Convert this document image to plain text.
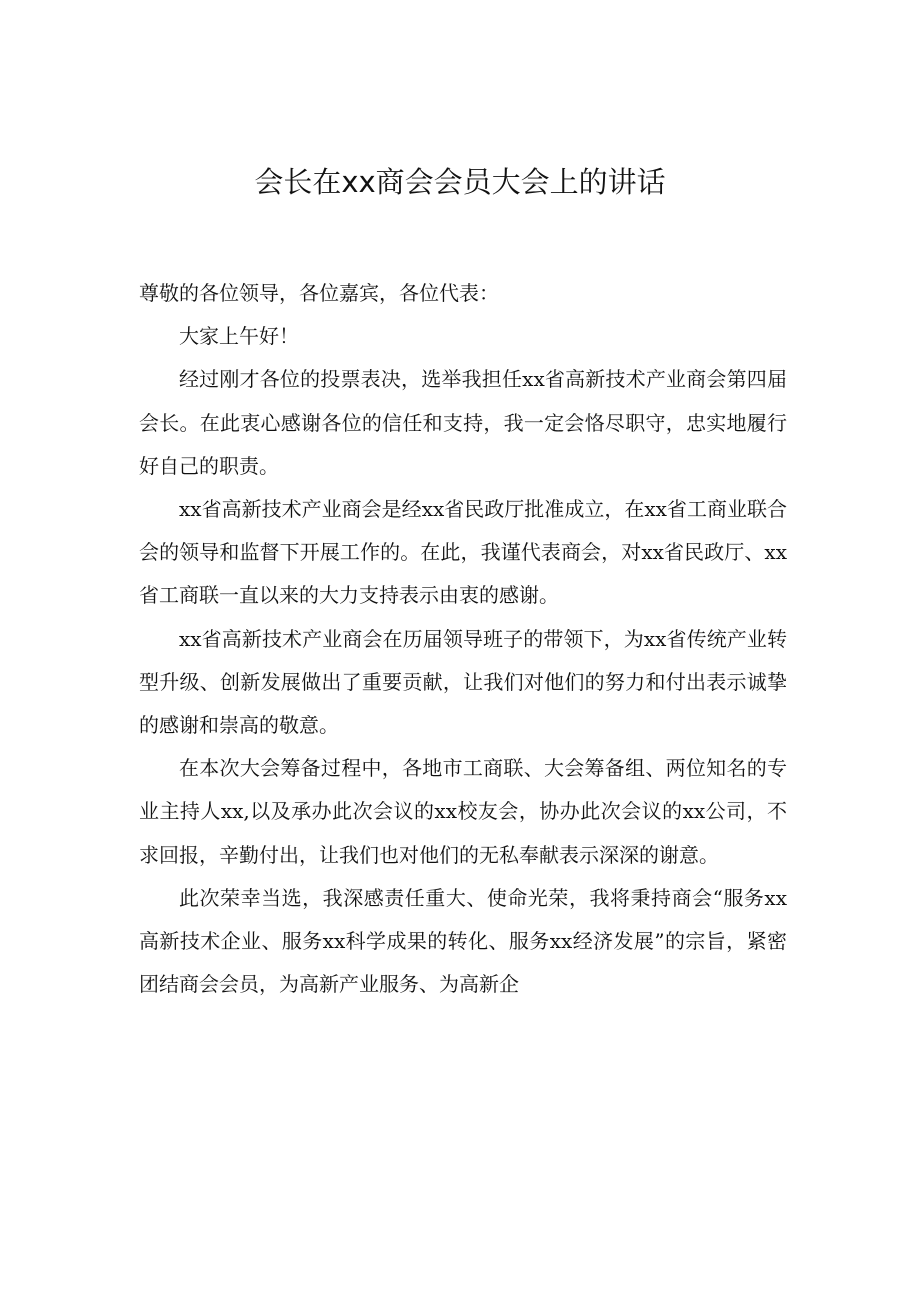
会长在xx商会会员大会上的讲话

尊敬的各位领导，各位嘉宾，各位代表：

大家上午好！

经过刚才各位的投票表决，选举我担任xx省高新技术产业商会第四届会长。在此衷心感谢各位的信任和支持，我一定会恪尽职守，忠实地履行好自己的职责。

xx省高新技术产业商会是经xx省民政厅批准成立，在xx省工商业联合会的领导和监督下开展工作的。在此，我谨代表商会，对xx省民政厅、xx省工商联一直以来的大力支持表示由衷的感谢。

xx省高新技术产业商会在历届领导班子的带领下，为xx省传统产业转型升级、创新发展做出了重要贡献，让我们对他们的努力和付出表示诚挚的感谢和崇高的敬意。

在本次大会筹备过程中，各地市工商联、大会筹备组、两位知名的专业主持人xx,以及承办此次会议的xx校友会，协办此次会议的xx公司，不求回报，辛勤付出，让我们也对他们的无私奉献表示深深的谢意。

此次荣幸当选，我深感责任重大、使命光荣，我将秉持商会“服务xx高新技术企业、服务xx科学成果的转化、服务xx经济发展”的宗旨，紧密团结商会会员，为高新产业服务、为高新企
